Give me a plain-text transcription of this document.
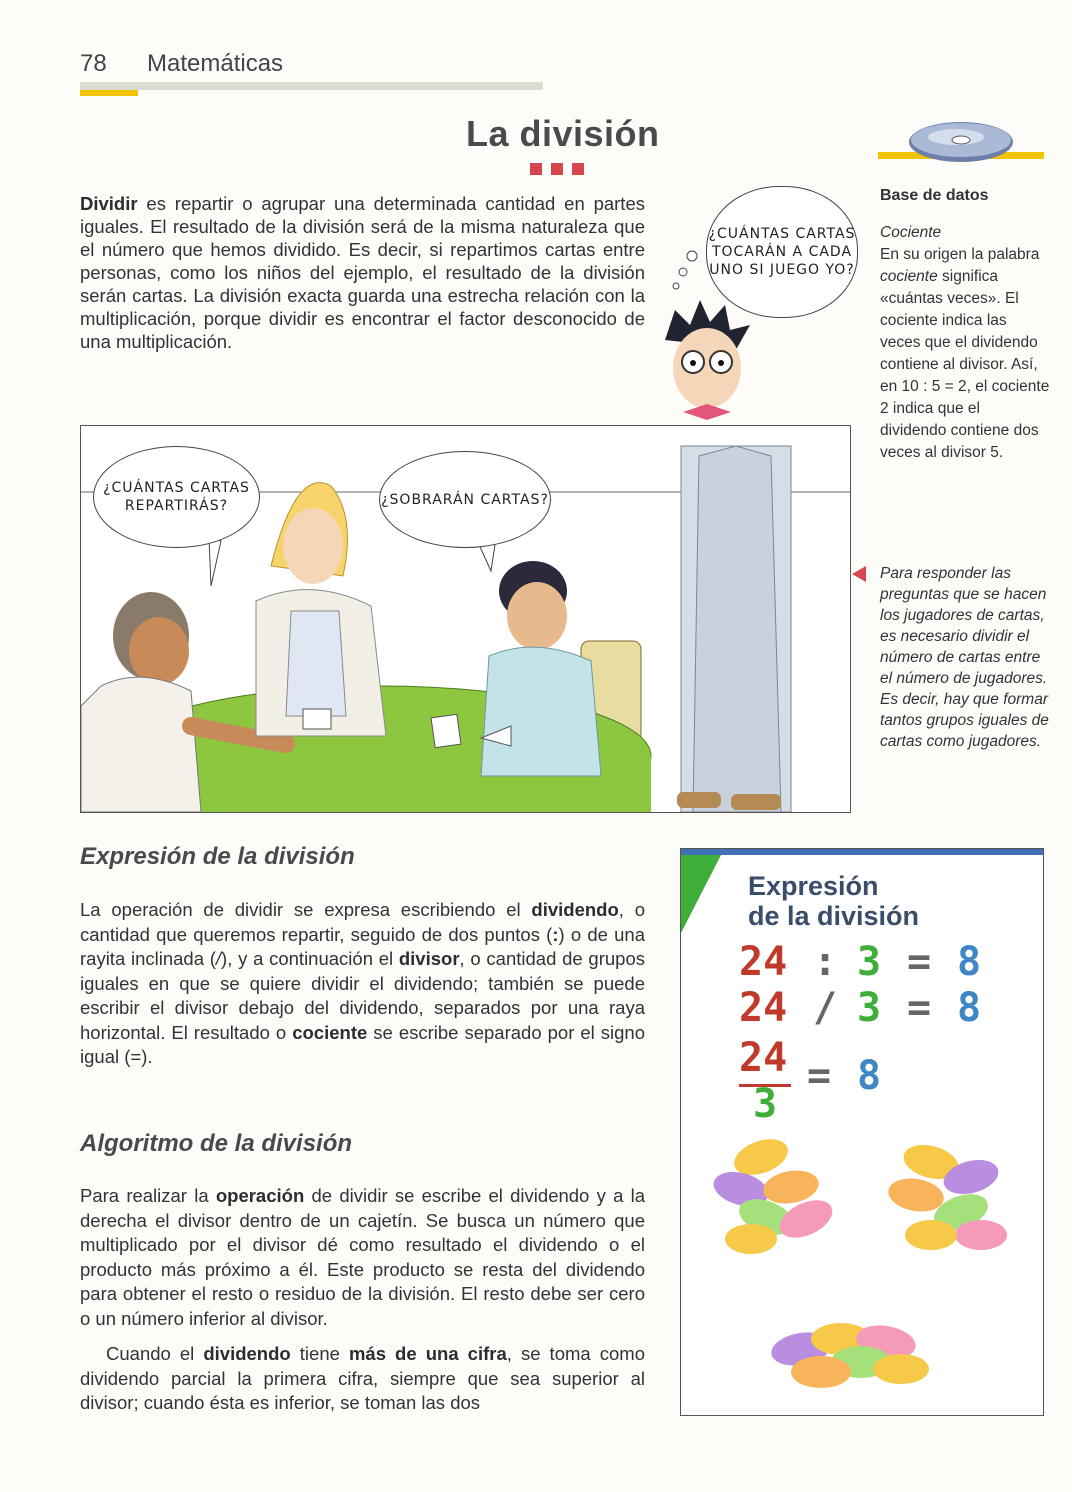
78 Matemáticas
La división
Dividir es repartir o agrupar una determinada cantidad en partes iguales. El resultado de la división será de la misma naturaleza que el número que hemos dividido. Es decir, si repartimos cartas entre personas, como los niños del ejemplo, el resultado de la división serán cartas. La división exacta guarda una estrecha relación con la multiplicación, porque dividir es encontrar el factor desconocido de una multiplicación.
Base de datos
Cociente
En su origen la palabra cociente significa «cuántas veces». El cociente indica las veces que el dividendo contiene al divisor. Así, en 10 : 5 = 2, el cociente 2 indica que el dividendo contiene dos veces al divisor 5.
Para responder las preguntas que se hacen los jugadores de cartas, es necesario dividir el número de cartas entre el número de jugadores. Es decir, hay que formar tantos grupos iguales de cartas como jugadores.
¿CUÁNTAS CARTAS REPARTIRÁS?	¿SOBRARÁN CARTAS?
¿CUÁNTAS CARTAS TOCARÁN A CADA UNO SI JUEGO YO?
Expresión de la división
La operación de dividir se expresa escribiendo el dividendo, o cantidad que queremos repartir, seguido de dos puntos (:) o de una rayita inclinada (/), y a continuación el divisor, o cantidad de grupos iguales en que se quiere dividir el dividendo; también se puede escribir el divisor debajo del dividendo, separados por una raya horizontal. El resultado o cociente se escribe separado por el signo igual (=).
Algoritmo de la división
Para realizar la operación de dividir se escribe el dividendo y a la derecha el divisor dentro de un cajetín. Se busca un número que multiplicado por el divisor dé como resultado el dividendo o el producto más próximo a él. Este producto se resta del dividendo para obtener el resto o residuo de la división. El resto debe ser cero o un número inferior al divisor.
Cuando el dividendo tiene más de una cifra, se toma como dividendo parcial la primera cifra, siempre que sea superior al divisor; cuando ésta es inferior, se toman las dos
Expresión
de la división
24 : 3 = 8
24 / 3 = 8
24
3
= 8
